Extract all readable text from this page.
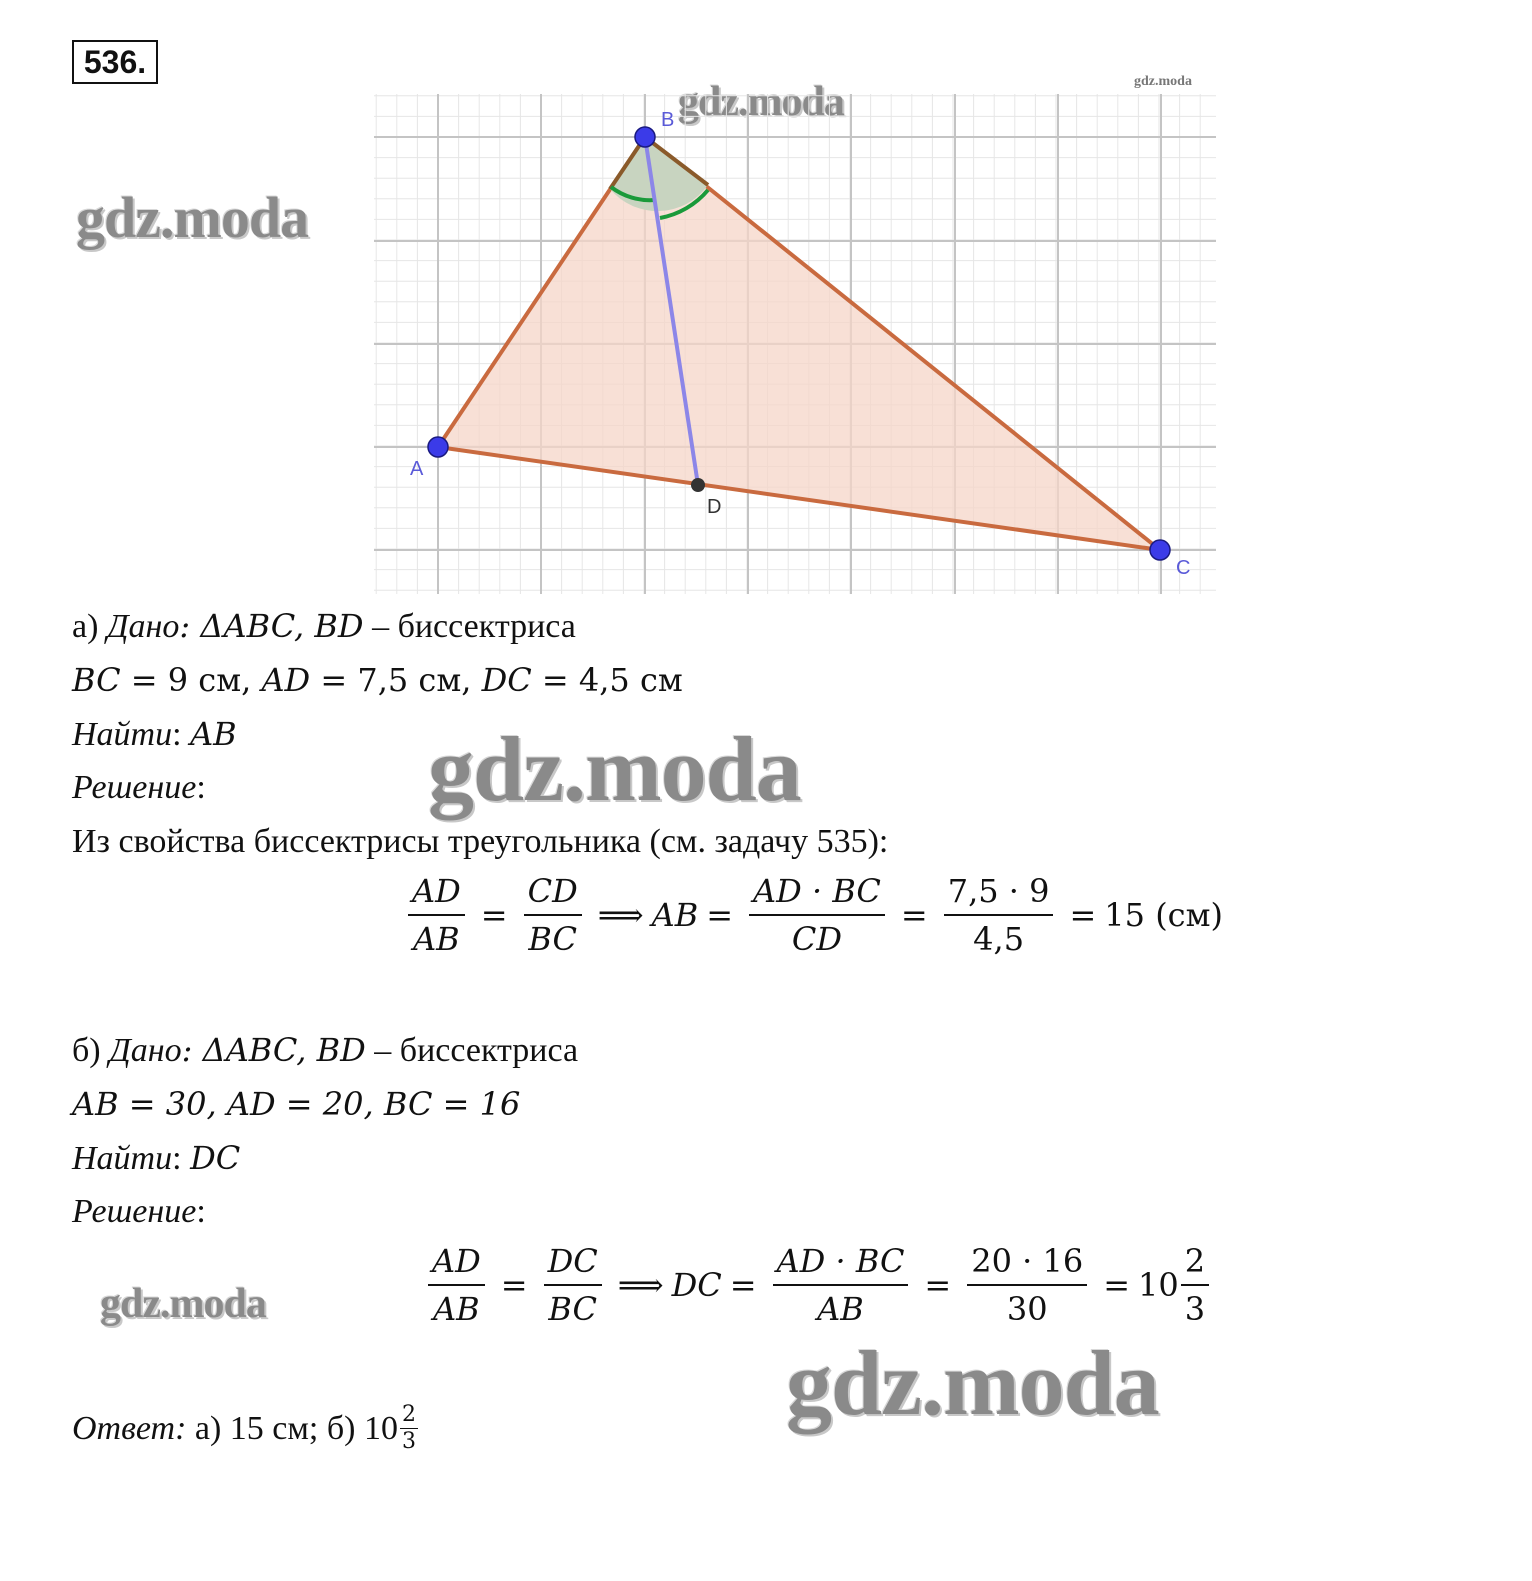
536.
gdz.moda
gdz.moda
gdz.moda
gdz.moda
gdz.moda
gdz.moda
A
B
C
D
а) Дано: ΔABC, BD – биссектриса
BC = 9 см, AD = 7,5 см, DC = 4,5 см
Найти: AB
Решение:
Из свойства биссектрисы треугольника (см. задачу 535):
$\frac{AD}{AB} = \frac{CD}{BC}$ ⟹ AB = $\frac{AD \cdot BC}{CD} = \frac{7,5 \cdot 9}{4,5} = 15$ (см)
б) Дано: ΔABC, BD – биссектриса
AB = 30, AD = 20, BC = 16
Найти: DC
Решение:
$\frac{AD}{AB} = \frac{DC}{BC}$ ⟹ DC = $\frac{AD \cdot BC}{AB} = \frac{20 \cdot 16}{30} = 10 \frac{2}{3}$
Ответ: а) 15 см; б) $10 \frac{2}{3}$
